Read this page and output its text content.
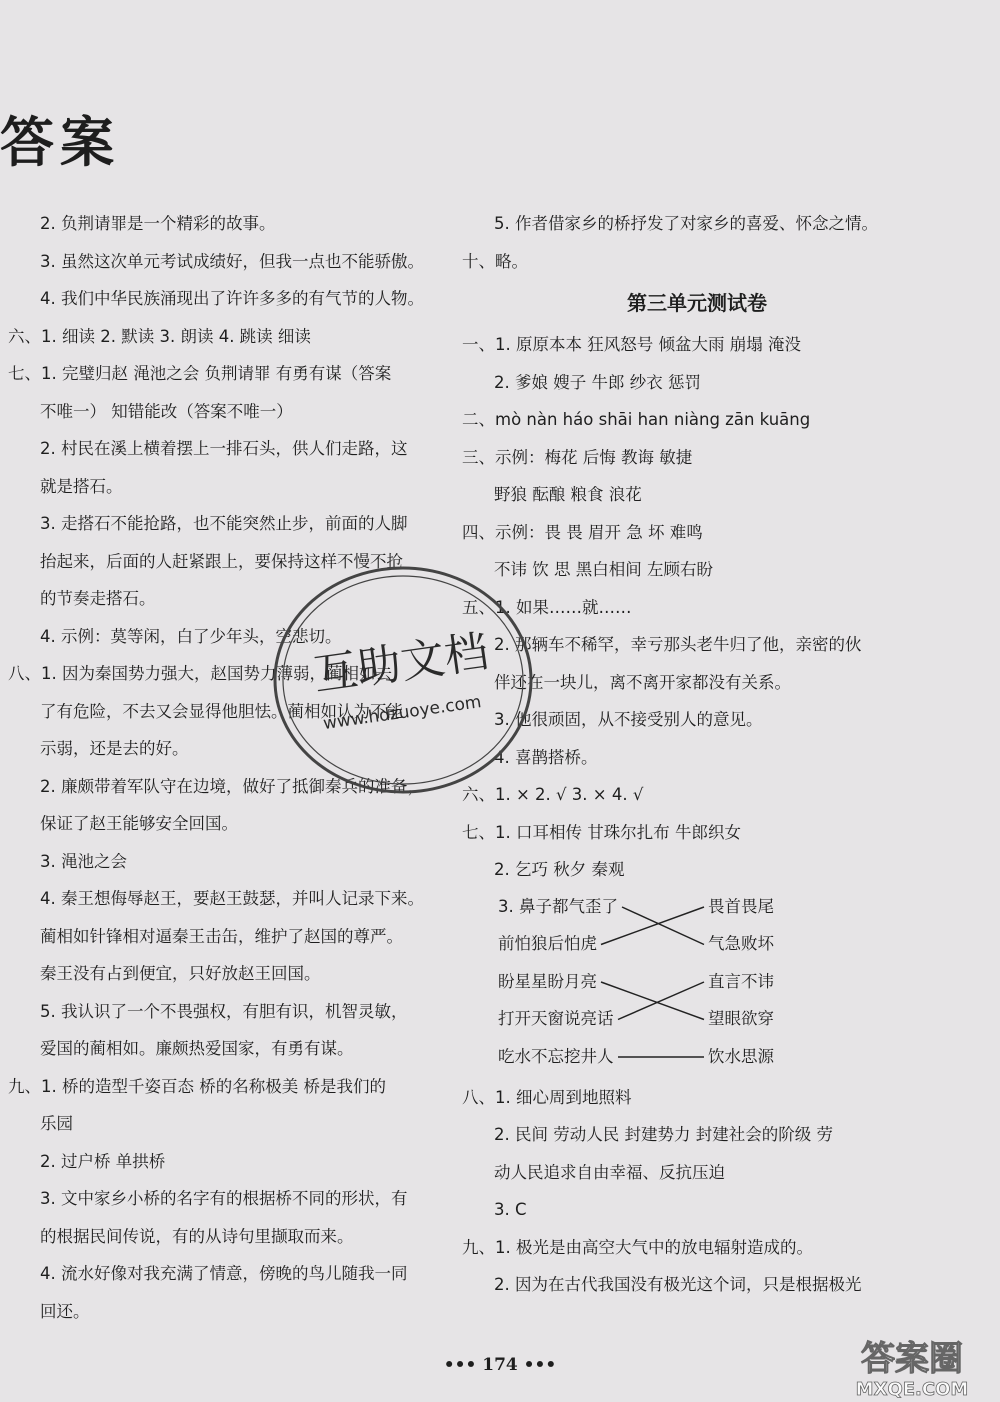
答案
2. 负荆请罪是一个精彩的故事。
3. 虽然这次单元考试成绩好，但我一点也不能骄傲。
4. 我们中华民族涌现出了许许多多的有气节的人物。
六、1. 细读 2. 默读 3. 朗读 4. 跳读 细读
七、1. 完璧归赵 渑池之会 负荆请罪 有勇有谋（答案
不唯一） 知错能改（答案不唯一）
2. 村民在溪上横着摆上一排石头，供人们走路，这
就是搭石。
3. 走搭石不能抢路，也不能突然止步，前面的人脚
抬起来，后面的人赶紧跟上，要保持这样不慢不抢
的节奏走搭石。
4. 示例：莫等闲，白了少年头，空悲切。
八、1. 因为秦国势力强大，赵国势力薄弱，蔺相如去
了有危险，不去又会显得他胆怯。蔺相如认为不能
示弱，还是去的好。
2. 廉颇带着军队守在边境，做好了抵御秦兵的准备，
保证了赵王能够安全回国。
3. 渑池之会
4. 秦王想侮辱赵王，要赵王鼓瑟，并叫人记录下来。
蔺相如针锋相对逼秦王击缶，维护了赵国的尊严。
秦王没有占到便宜，只好放赵王回国。
5. 我认识了一个不畏强权，有胆有识，机智灵敏，
爱国的蔺相如。廉颇热爱国家，有勇有谋。
九、1. 桥的造型千姿百态 桥的名称极美 桥是我们的
乐园
2. 过户桥 单拱桥
3. 文中家乡小桥的名字有的根据桥不同的形状，有
的根据民间传说，有的从诗句里撷取而来。
4. 流水好像对我充满了情意，傍晚的鸟儿随我一同
回还。
5. 作者借家乡的桥抒发了对家乡的喜爱、怀念之情。
十、略。
第三单元测试卷
一、1. 原原本本 狂风怒号 倾盆大雨 崩塌 淹没
2. 爹娘 嫂子 牛郎 纱衣 惩罚
二、mò nàn háo shāi han niàng zān kuāng
三、示例：梅花 后悔 教诲 敏捷
野狼 酝酿 粮食 浪花
四、示例：畏 畏 眉开 急 坏 难鸣
不讳 饮 思 黑白相间 左顾右盼
五、1. 如果……就……
2. 那辆车不稀罕，幸亏那头老牛归了他，亲密的伙
伴还在一块儿，离不离开家都没有关系。
3. 他很顽固，从不接受别人的意见。
4. 喜鹊搭桥。
六、1. × 2. √ 3. × 4. √
七、1. 口耳相传 甘珠尔扎布 牛郎织女
2. 乞巧 秋夕 秦观
3. 鼻子都气歪了	畏首畏尾
前怕狼后怕虎	气急败坏
盼星星盼月亮	直言不讳
打开天窗说亮话	望眼欲穿
吃水不忘挖井人	饮水思源
八、1. 细心周到地照料
2. 民间 劳动人民 封建势力 封建社会的阶级 劳
动人民追求自由幸福、反抗压迫
3. C
九、1. 极光是由高空大气中的放电辐射造成的。
2. 因为在古代我国没有极光这个词，只是根据极光
••• 174 •••
互助文档
www.hdzuoye.com
答案圈
MXQE.COM
